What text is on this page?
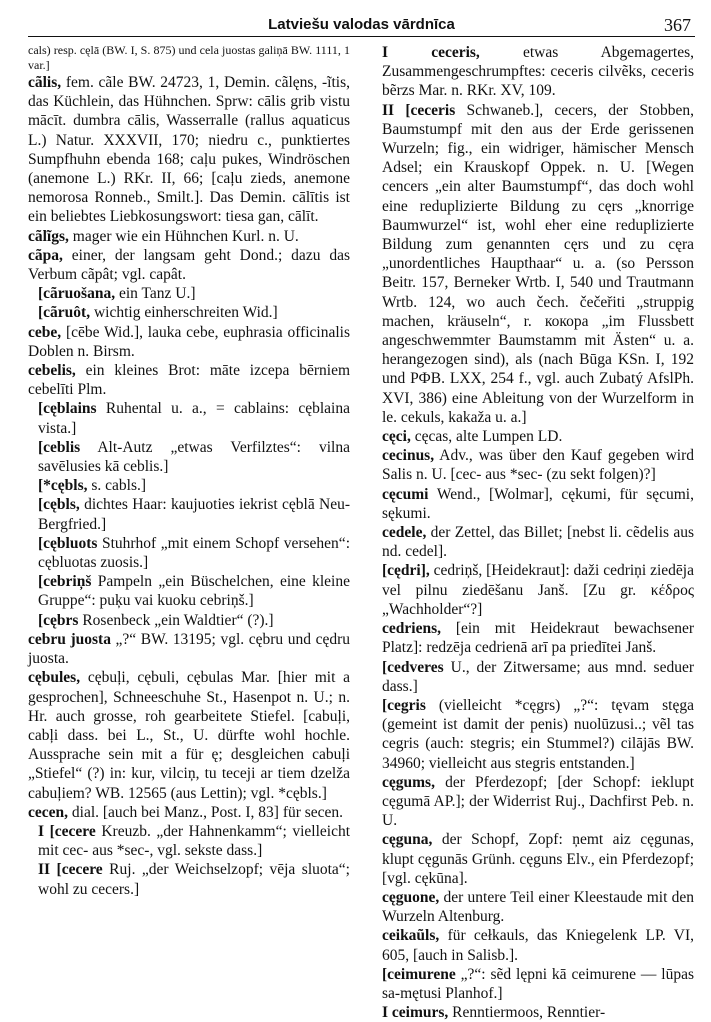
Latviešu valodas vārdnīca	367

cals) resp. cęlā (BW. I, S. 875) und cela juostas galiņā BW. 1111, 1 var.]

cãlis, fem. cãle BW. 24723, 1, Demin. cãlęns, -ĩtis, das Küchlein, das Hühnchen. Sprw: cālis grib vistu mācīt. dumbra cālis, Wasserralle (rallus aquaticus L.) Natur. XXXVII, 170; niedru c., punktiertes Sumpfhuhn ebenda 168; caļu pukes, Windröschen (anemone L.) RKr. II, 66; [caļu zieds, anemone nemorosa Ronneb., Smilt.]. Das Demin. cālītis ist ein beliebtes Liebkosungswort: tiesa gan, cālīt.

cãlĩgs, mager wie ein Hühnchen Kurl. n. U.

cãpa, einer, der langsam geht Dond.; dazu das Verbum cãpât; vgl. capât.

[cãruošana, ein Tanz U.]

[cãruôt, wichtig einherschreiten Wid.]

cebe, [cēbe Wid.], lauka cebe, euphrasia officinalis Doblen n. Birsm.

cebelis, ein kleines Brot: māte izcepa bērniem cebelīti Plm.

[cęblains Ruhental u. a., = cablains: cęblaina vista.]

[ceblis Alt-Autz „etwas Verfilztes“: vilna savēlusies kā ceblis.]

[*cębls, s. cabls.]

[cębls, dichtes Haar: kaujuoties iekrist cęblā Neu-Bergfried.]

[cębluots Stuhrhof „mit einem Schopf versehen“: cębluotas zuosis.]

[cebriņš Pampeln „ein Büschelchen, eine kleine Gruppe“: puķu vai kuoku cebriņš.]

[cębrs Rosenbeck „ein Waldtier“ (?).]

cebru juosta „?“ BW. 13195; vgl. cębru und cędru juosta.

cębules, cębuļi, cębuli, cębulas Mar. [hier mit a gesprochen], Schneeschuhe St., Hasenpot n. U.; n. Hr. auch grosse, roh gearbeitete Stiefel. [cabuļi, cabļi dass. bei L., St., U. dürfte wohl hochle. Aussprache sein mit a für ę; desgleichen cabuļi „Stiefel“ (?) in: kur, vilciņ, tu teceji ar tiem dzelža cabuļiem? WB. 12565 (aus Lettin); vgl. *cębls.]

cecen, dial. [auch bei Manz., Post. I, 83] für secen.

I [cecere Kreuzb. „der Hahnenkamm“; vielleicht mit cec- aus *sec-, vgl. sekste dass.]

II [cecere Ruj. „der Weichselzopf; vēja sluota“; wohl zu cecers.]

I ceceris,	etwas Abgemagertes, Zusammengeschrumpftes: ceceris cilvẽks, ceceris bẽrzs Mar. n. RKr. XV, 109.

II [ceceris Schwaneb.], cecers, der Stobben, Baumstumpf mit den aus der Erde gerissenen Wurzeln; fig., ein widriger, hämischer Mensch Adsel; ein Krauskopf Oppek. n. U. [Wegen cencers „ein alter Baumstumpf“, das doch wohl eine reduplizierte Bildung zu cęrs „knorrige Baumwurzel“ ist, wohl eher eine reduplizierte Bildung zum genannten cęrs und zu cęra „unordentliches Haupthaar“ u. a. (so Persson Beitr. 157, Berneker Wrtb. I, 540 und Trautmann Wrtb. 124, wo auch čech. čečeřiti „struppig machen, kräuseln“, r. кокора „im Flussbett angeschwemmter Baumstamm mit Ästen“ u. a. herangezogen sind), als (nach Būga KSn. I, 192 und РФВ. LXX, 254 f., vgl. auch Zubatý AfslPh. XVI, 386) eine Ableitung von der Wurzelform in le. cekuls, kakaža u. a.]

cęci, cęcas, alte Lumpen LD.

cecinus, Adv., was über den Kauf gegeben wird Salis n. U. [cec- aus *sec- (zu sekt folgen)?]

cęcumi Wend., [Wolmar], cękumi, für sęcumi, sękumi.

cedele, der Zettel, das Billet; [nebst li. cẽdelis aus nd. cedel].

[cędri], cedriņš, [Heidekraut]: daži cedriņi ziedēja vel pilnu ziedēšanu Janš. [Zu gr. κέδρος „Wachholder“?]

cedriens, [ein mit Heidekraut bewachsener Platz]: redzēja cedrienā arī pa priedītei Janš.

[cedveres U., der Zitwersame; aus mnd. seduer dass.]

[cegris (vielleicht *cęgrs) „?“: tęvam stęga (gemeint ist damit der penis) nuolūzusi..; vẽl tas cegris (auch: stegris; ein Stummel?) cilājās BW. 34960; vielleicht aus stegris entstanden.]

cęgums, der Pferdezopf; [der Schopf: ieklupt cęgumā AP.]; der Widerrist Ruj., Dachfirst Peb. n. U.

cęguna, der Schopf, Zopf: ņemt aiz cęgunas, klupt cęgunās Grünh. cęguns Elv., ein Pferdezopf; [vgl. cękūna].

cęguone, der untere Teil einer Kleestaude mit den Wurzeln Altenburg.

ceikaũls, für cełkauls, das Kniegelenk LP. VI, 605, [auch in Salisb.].

[ceimurene „?“: sẽd lępni kā ceimurene — lūpas sa-mętusi Planhof.]

I ceimurs, Renntiermoos, Renntier-
